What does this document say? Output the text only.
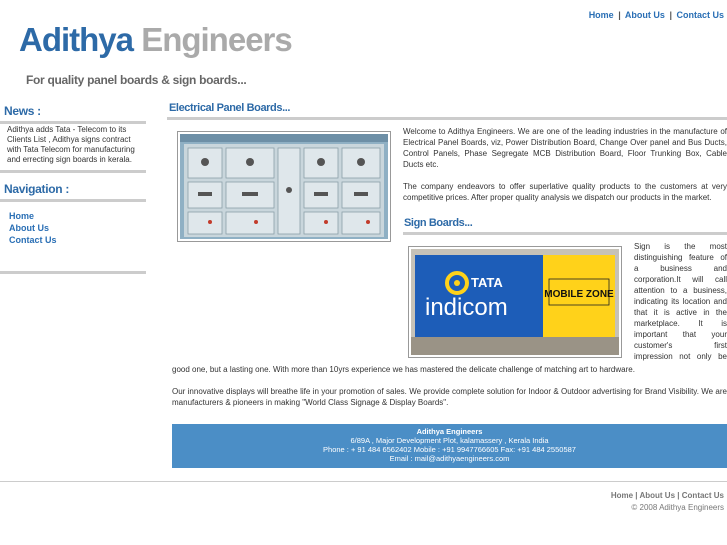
Home | About Us | Contact Us
Adithya Engineers
For quality panel boards & sign boards...
News :
Adithya adds Tata - Telecom to its Clients List , Adithya signs contract with Tata Telecom for manufacturing and errecting sign boards in kerala.
Navigation :
Home
About Us
Contact Us
Electrical Panel Boards...

Welcome to Adithya Engineers. We are one of the leading industries in the manufacture of Electrical Panel Boards, viz, Power Distribution Board, Change Over panel and Bus Ducts, Control Panels, Phase Segregate MCB Distribution Board, Floor Trunking Box, Cable Ducts etc.

The company endeavors to offer superlative quality products to the customers at very competitive prices. After proper quality analysis we dispatch our products in the market.

Sign Boards...
TATA
indicom	MOBILE ZONE
Sign is the most
distinguishing feature of
a business and
corporation.It will call
attention to a business,
indicating its location and
that it is active in the
marketplace. It is
important that your
customer's first
impression not only be

good one, but a lasting one. With more than 10yrs experience we has mastered the delicate challenge of matching art to hardware.

Our innovative displays will breathe life in your promotion of sales. We provide complete solution for Indoor & Outdoor advertising for Brand Visibility. We are manufacturers & pioneers in making "World Class Signage & Display Boards".

Adithya Engineers
6/89A , Major Development Plot, kalamassery , Kerala India
Phone : + 91 484 6562402 Mobile : +91 9947766605 Fax: +91 484 2550587
Email : mail@adithyaengineers.com
Home | About Us | Contact Us
© 2008 Adithya Engineers
